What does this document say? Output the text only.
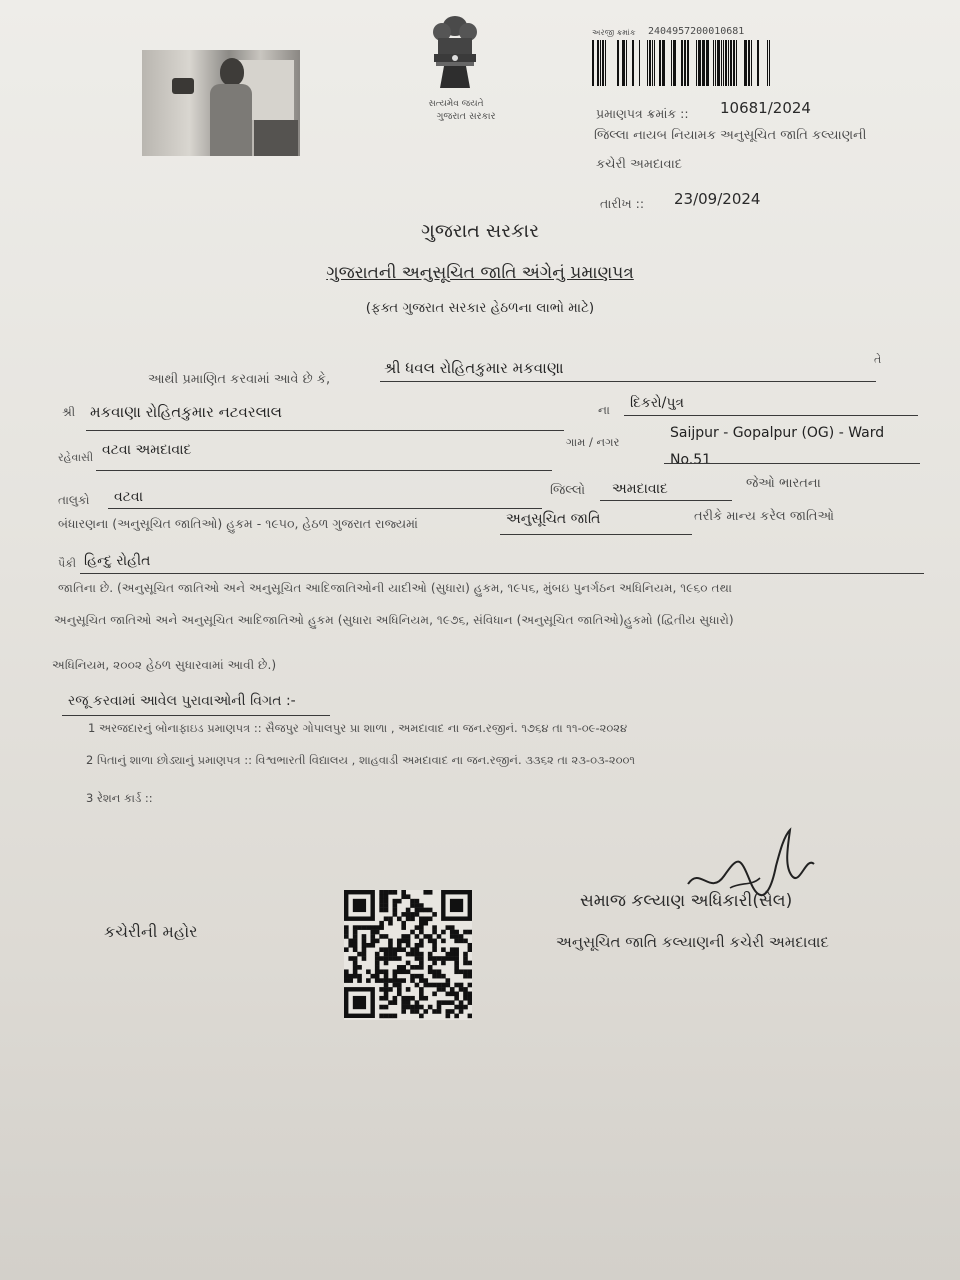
સત્યમેવ જયતે
ગુજરાત સરકાર
અરજી ક્રમાંક 2404957200010681
પ્રમાણપત્ર ક્રમાંક :: 10681/2024
જિલ્લા નાયબ નિયામક અનુસૂચિત જાતિ કલ્યાણની
કચેરી અમદાવાદ
તારીખ :: 23/09/2024
ગુજરાત સરકાર
ગુજરાતની અનુસૂચિત જાતિ અંગેનું પ્રમાણપત્ર
(ફક્ત ગુજરાત સરકાર હેઠળના લાભો માટે)
આથી પ્રમાણિત કરવામાં આવે છે કે,
શ્રી ધવલ રોહિતકુમાર મકવાણા	તે
શ્રી મકવાણા રોહિતકુમાર નટવરલાલ	ના દિકરો/પુત્ર
રહેવાસી વટવા અમદાવાદ	ગામ / નગર
Saijpur - Gopalpur (OG) - Ward
No.51
તાલુકો વટવા	જિલ્લો અમદાવાદ	જેઓ ભારતના
બંધારણના (અનુસૂચિત જાતિઓ) હુકમ - ૧૯૫૦, હેઠળ ગુજરાત રાજ્યમાં	અનુસૂચિત જાતિ	તરીકે માન્ય કરેલ જાતિઓ
પૈકી હિન્દુ રોહીત
જાતિના છે. (અનુસૂચિત જાતિઓ અને અનુસૂચિત આદિજાતિઓની યાદીઓ (સુધારા) હુકમ, ૧૯૫૬, મુંબઇ પુનર્ગઠન અધિનિયમ, ૧૯૬૦ તથા
અનુસૂચિત જાતિઓ અને અનુસૂચિત આદિજાતિઓ હુકમ (સુધારા અધિનિયમ, ૧૯૭૬, સંવિધાન (અનુસૂચિત જાતિઓ)હુકમો (દ્વિતીય સુધારો)
અધિનિયમ, ૨૦૦૨ હેઠળ સુધારવામાં આવી છે.)
રજૂ કરવામાં આવેલ પુરાવાઓની વિગત :-
1 અરજદારનું બોનાફાઇડ પ્રમાણપત્ર :: સૈજપુર ગોપાલપુર પ્રા શાળા , અમદાવાદ ના જન.રજીનં. ૧૭૬૪ તા ૧૧-૦૯-૨૦૨૪
2 પિતાનું શાળા છોડ્યાનું પ્રમાણપત્ર :: વિશ્વભારતી વિદ્યાલય , શાહવાડી અમદાવાદ ના જન.રજીનં. ૩૩૬૨ તા ૨૩-૦૩-૨૦૦૧
3 રેશન કાર્ડ ::
કચેરીની મહોર
સમાજ કલ્યાણ અધિકારી(સેલ)
અનુસૂચિત જાતિ કલ્યાણની કચેરી અમદાવાદ
